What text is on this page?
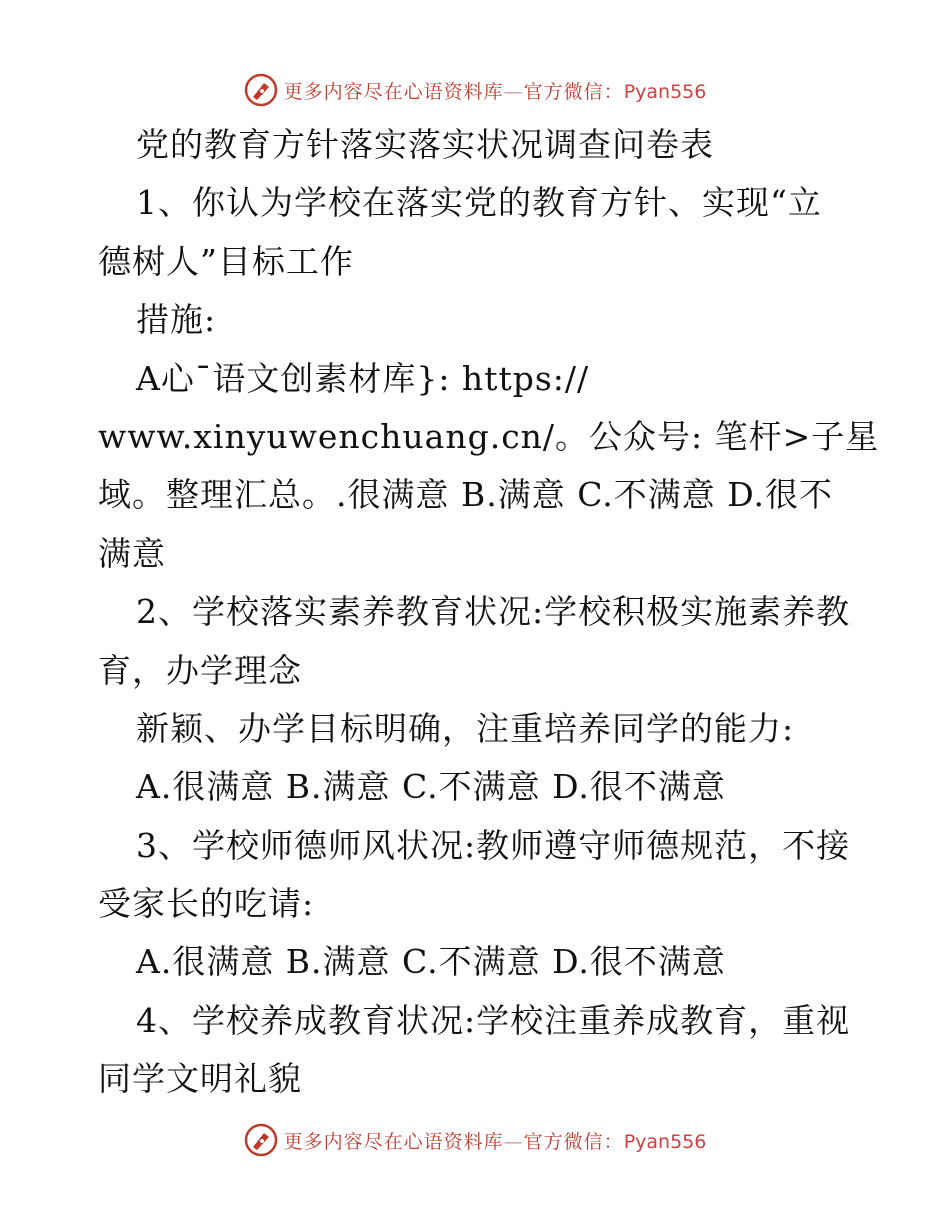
更多内容尽在心语资料库—官方微信：Pyan556
党的教育方针落实落实状况调查问卷表
1、你认为学校在落实党的教育方针、实现“立
德树人”目标工作
措施:
A心¯语文创素材库}: https://
www.xinyuwenchuang.cn/。公众号: 笔杆>子星
域。整理汇总。.很满意 B.满意 C.不满意 D.很不
满意
2、学校落实素养教育状况:学校积极实施素养教
育，办学理念
新颖、办学目标明确，注重培养同学的能力:
A.很满意 B.满意 C.不满意 D.很不满意
3、学校师德师风状况:教师遵守师德规范，不接
受家长的吃请:
A.很满意 B.满意 C.不满意 D.很不满意
4、学校养成教育状况:学校注重养成教育，重视
同学文明礼貌
更多内容尽在心语资料库—官方微信：Pyan556
